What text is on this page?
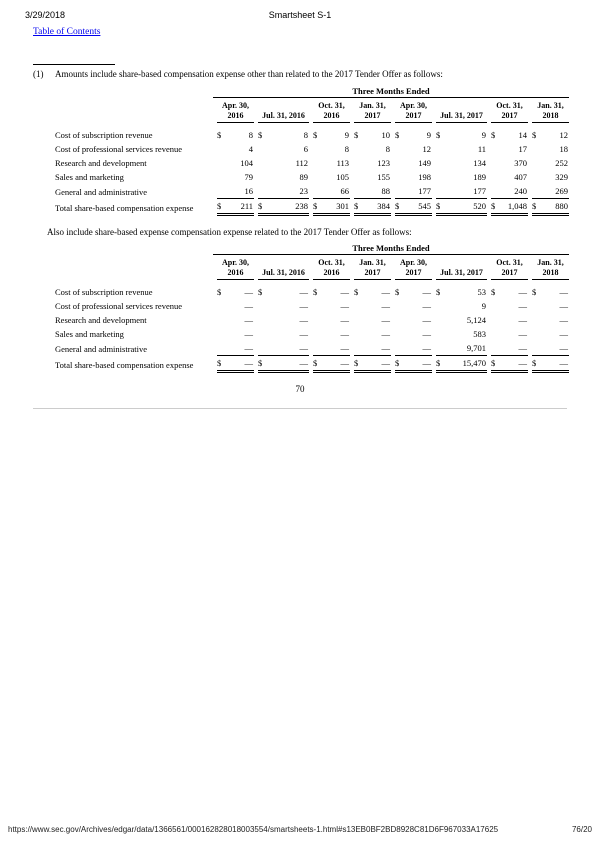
3/29/2018	Smartsheet S-1
Table of Contents
(1) Amounts include share-based compensation expense other than related to the 2017 Tender Offer as follows:

	Three Months Ended																							

		Apr. 30,
2016			Jul. 31, 2016			Oct. 31,
2016			Jan. 31,
2017			Apr. 30,
2017			Jul. 31, 2017			Oct. 31,
2017			Jan. 31,
2018	

Cost of subscription revenue		$	8		$	8		$	9		$	10		$	9		$	9		$	14		$	12
Cost of professional services revenue			4			6			8			8			12			11			17			18
Research and development			104			112			113			123			149			134			370			252
Sales and marketing			79			89			105			155			198			189			407			329
General and administrative			16			23			66			88			177			177			240			269
Total share-based compensation expense		$	211		$	238		$	301		$	384		$	545		$	520		$	1,048		$	880
Also include share-based expense compensation expense related to the 2017 Tender Offer as follows:

	Three Months Ended																							

		Apr. 30,
2016			Jul. 31, 2016			Oct. 31,
2016			Jan. 31,
2017			Apr. 30,
2017			Jul. 31, 2017			Oct. 31,
2017			Jan. 31,
2018	

Cost of subscription revenue		$	—		$	—		$	—		$	—		$	—		$	53		$	—		$	—
Cost of professional services revenue			—			—			—			—			—			9			—			—
Research and development			—			—			—			—			—			5,124			—			—
Sales and marketing			—			—			—			—			—			583			—			—
General and administrative			—			—			—			—			—			9,701			—			—
Total share-based compensation expense		$	—		$	—		$	—		$	—		$	—		$	15,470		$	—		$	—
70
https://www.sec.gov/Archives/edgar/data/1366561/000162828018003554/smartsheets-1.html#s13EB0BF2BD8928C81D6F967033A17625	76/20
